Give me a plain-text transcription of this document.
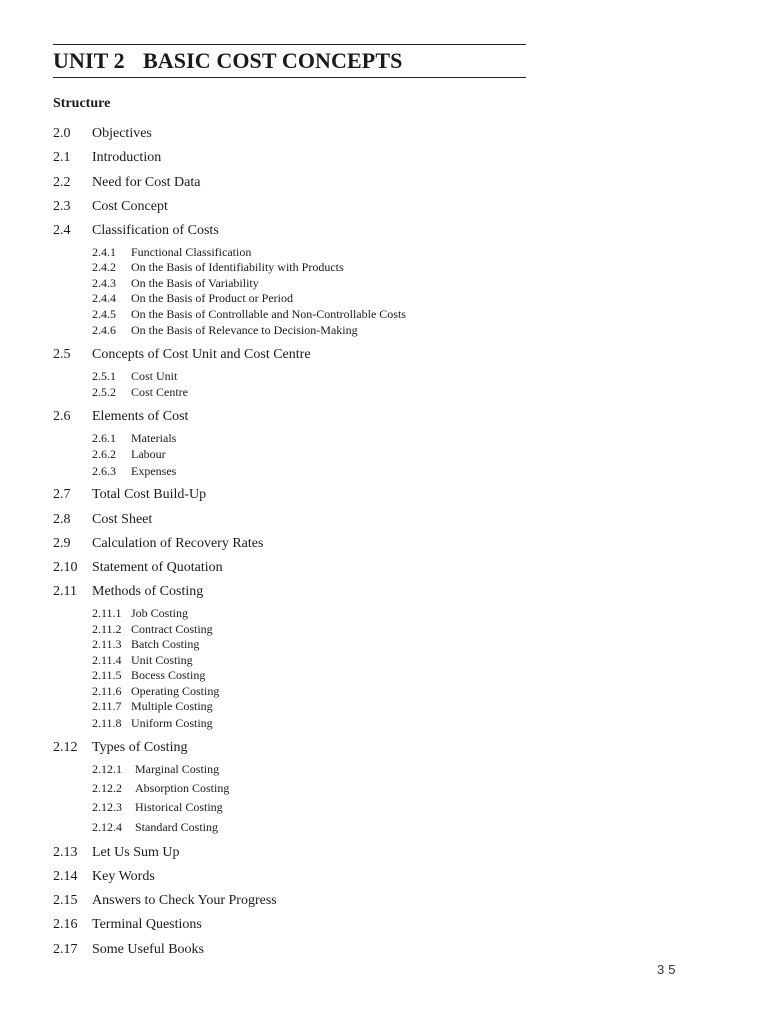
UNIT 2 BASIC COST CONCEPTS
Structure
2.0 Objectives
2.1 Introduction
2.2 Need for Cost Data
2.3 Cost Concept
2.4 Classification of Costs
2.4.1 Functional Classification
2.4.2 On the Basis of Identifiability with Products
2.4.3 On the Basis of Variability
2.4.4 On the Basis of Product or Period
2.4.5 On the Basis of Controllable and Non-Controllable Costs
2.4.6 On the Basis of Relevance to Decision-Making
2.5 Concepts of Cost Unit and Cost Centre
2.5.1 Cost Unit
2.5.2 Cost Centre
2.6 Elements of Cost
2.6.1 Materials
2.6.2 Labour
2.6.3 Expenses
2.7 Total Cost Build-Up
2.8 Cost Sheet
2.9 Calculation of Recovery Rates
2.10 Statement of Quotation
2.11 Methods of Costing
2.11.1 Job Costing
2.11.2 Contract Costing
2.11.3 Batch Costing
2.11.4 Unit Costing
2.11.5 Bocess Costing
2.11.6 Operating Costing
2.11.7 Multiple Costing
2.11.8 Uniform Costing
2.12 Types of Costing
2.12.1 Marginal Costing
2.12.2 Absorption Costing
2.12.3 Historical Costing
2.12.4 Standard Costing
2.13 Let Us Sum Up
2.14 Key Words
2.15 Answers to Check Your Progress
2.16 Terminal Questions
2.17 Some Useful Books
35
